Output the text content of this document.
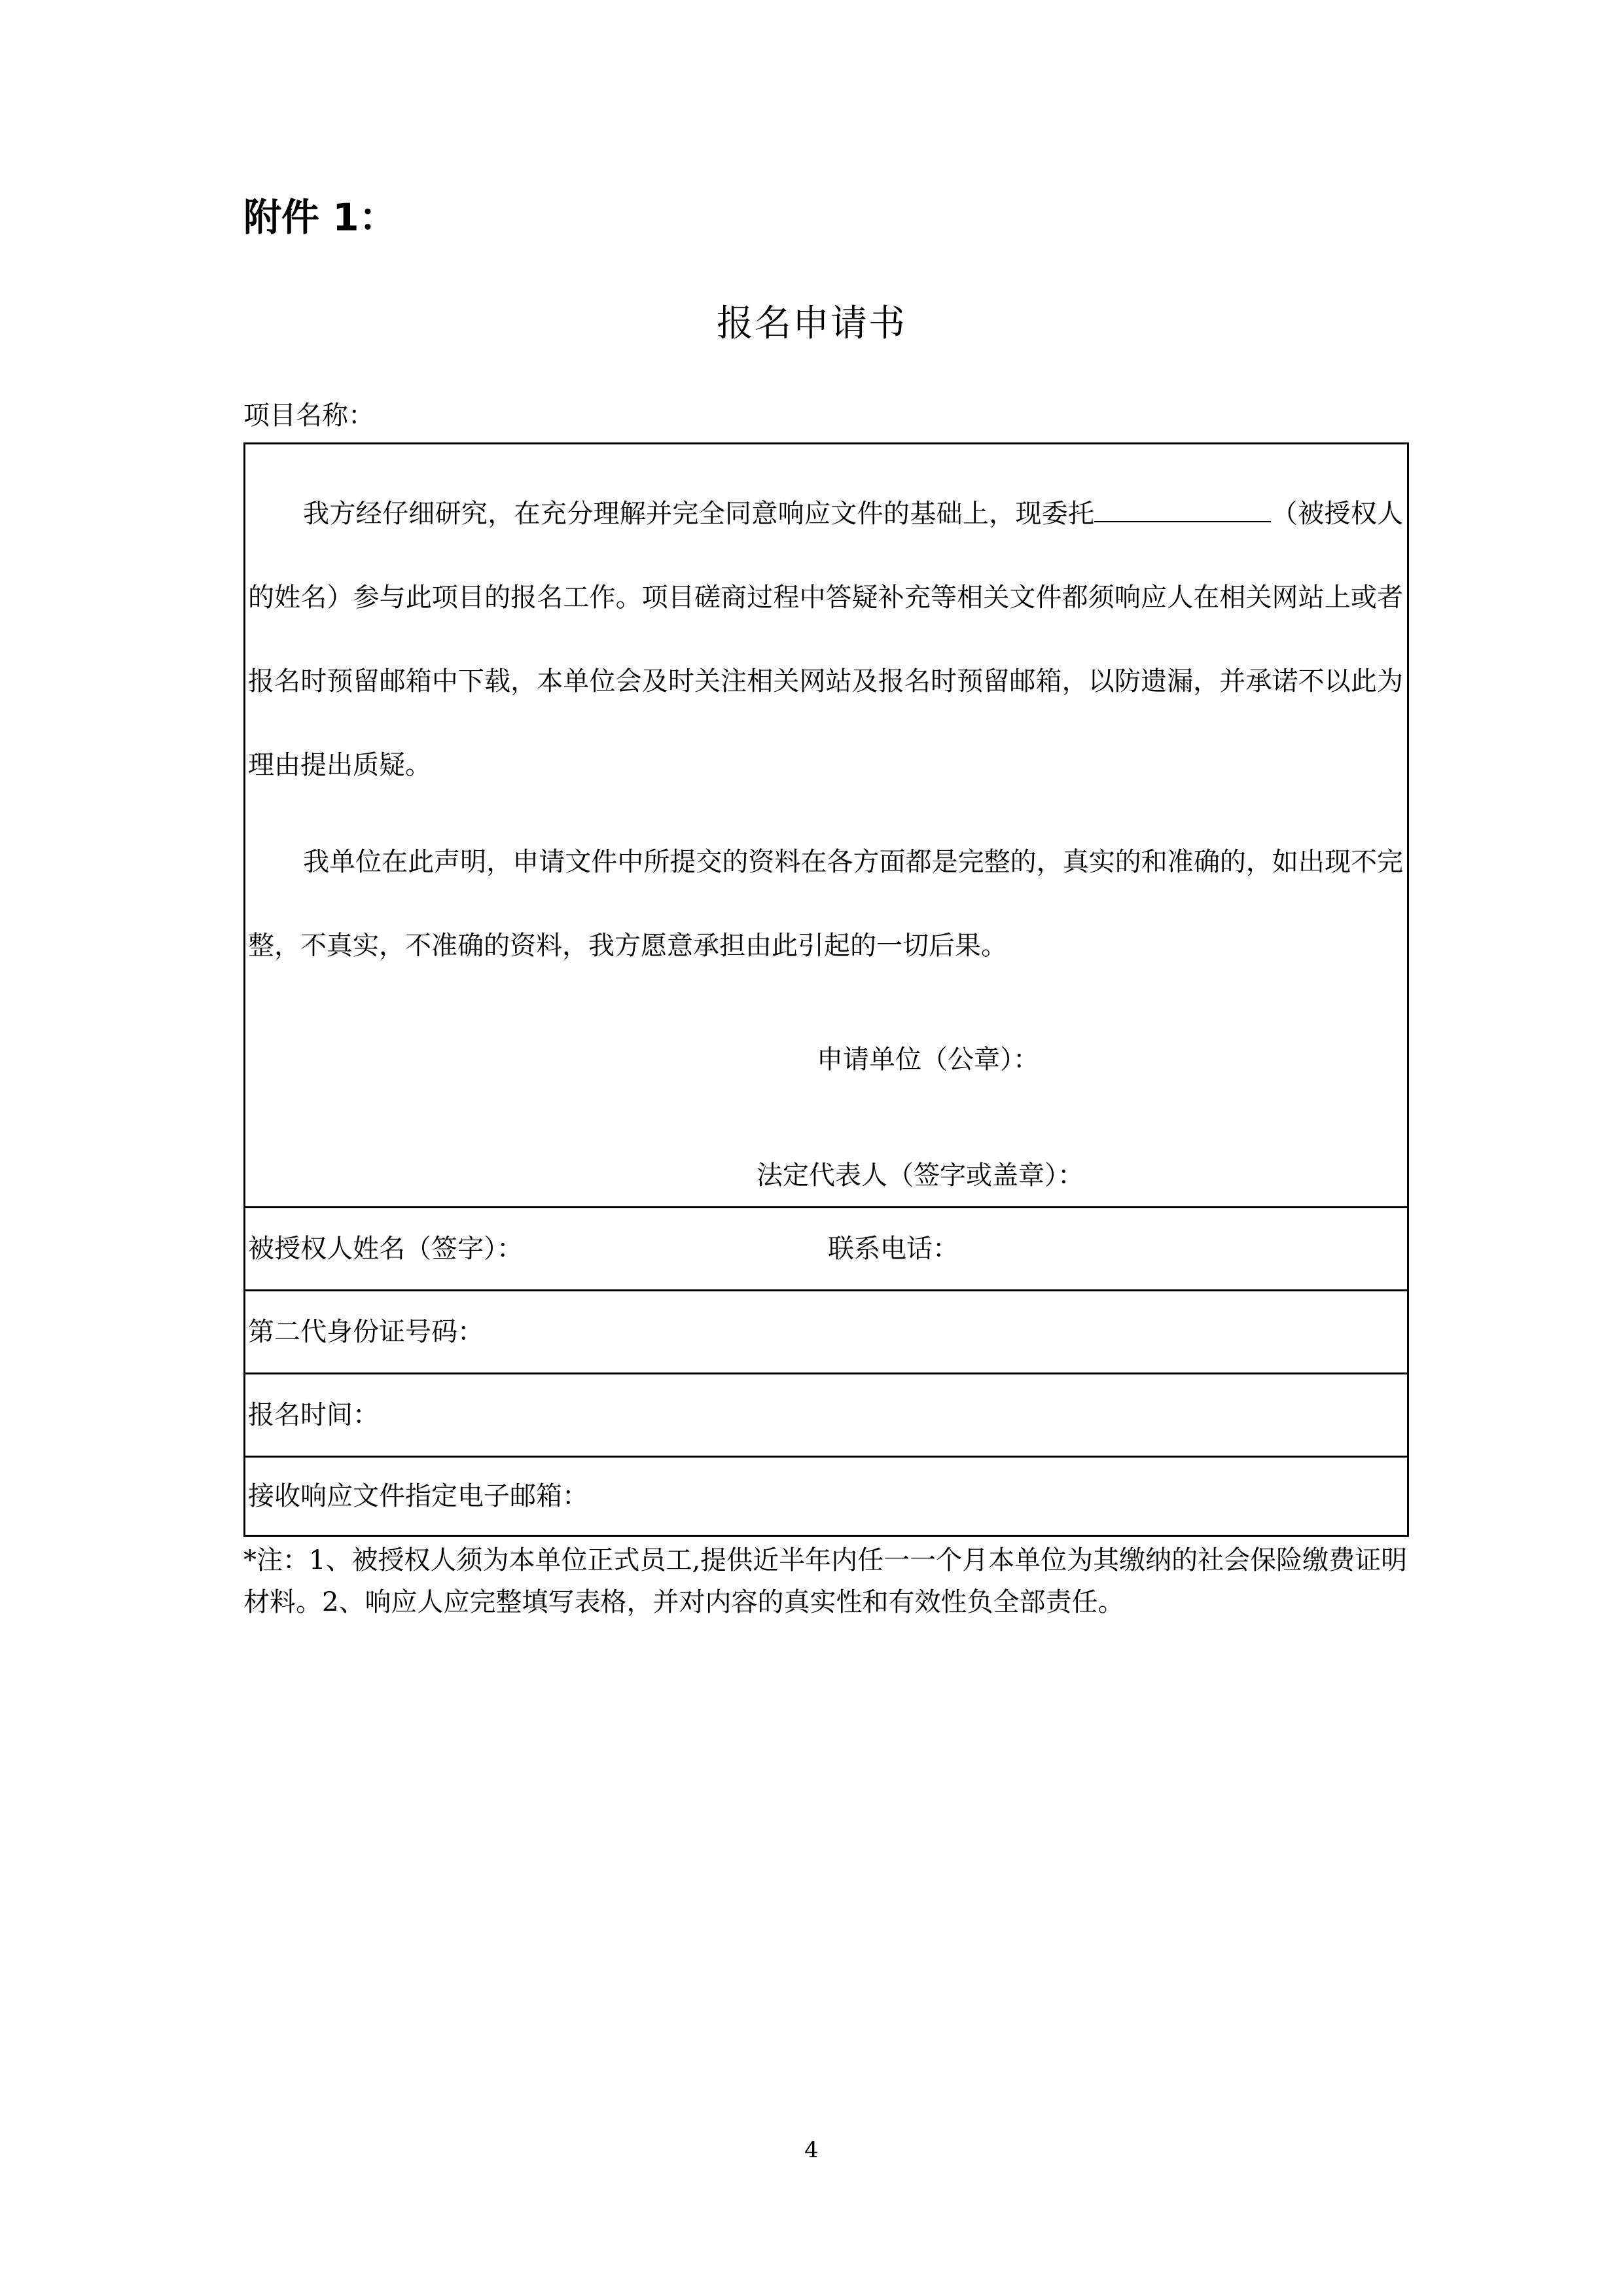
附件 1：
报名申请书
项目名称：

我方经仔细研究，在充分理解并完全同意响应文件的基础上，现委托	（被授权人的姓名）参与此项目的报名工作。项目磋商过程中答疑补充等相关文件都须响应人在相关网站上或者报名时预留邮箱中下载，本单位会及时关注相关网站及报名时预留邮箱，以防遗漏，并承诺不以此为理由提出质疑。

我单位在此声明，申请文件中所提交的资料在各方面都是完整的，真实的和准确的，如出现不完整，不真实，不准确的资料，我方愿意承担由此引起的一切后果。

申请单位（公章）：
法定代表人（签字或盖章）：
被授权人姓名（签字）：	联系电话：
第二代身份证号码：
报名时间：
接收响应文件指定电子邮箱：

*注：1、被授权人须为本单位正式员工,提供近半年内任一一个月本单位为其缴纳的社会保险缴费证明材料。2、响应人应完整填写表格，并对内容的真实性和有效性负全部责任。

4
